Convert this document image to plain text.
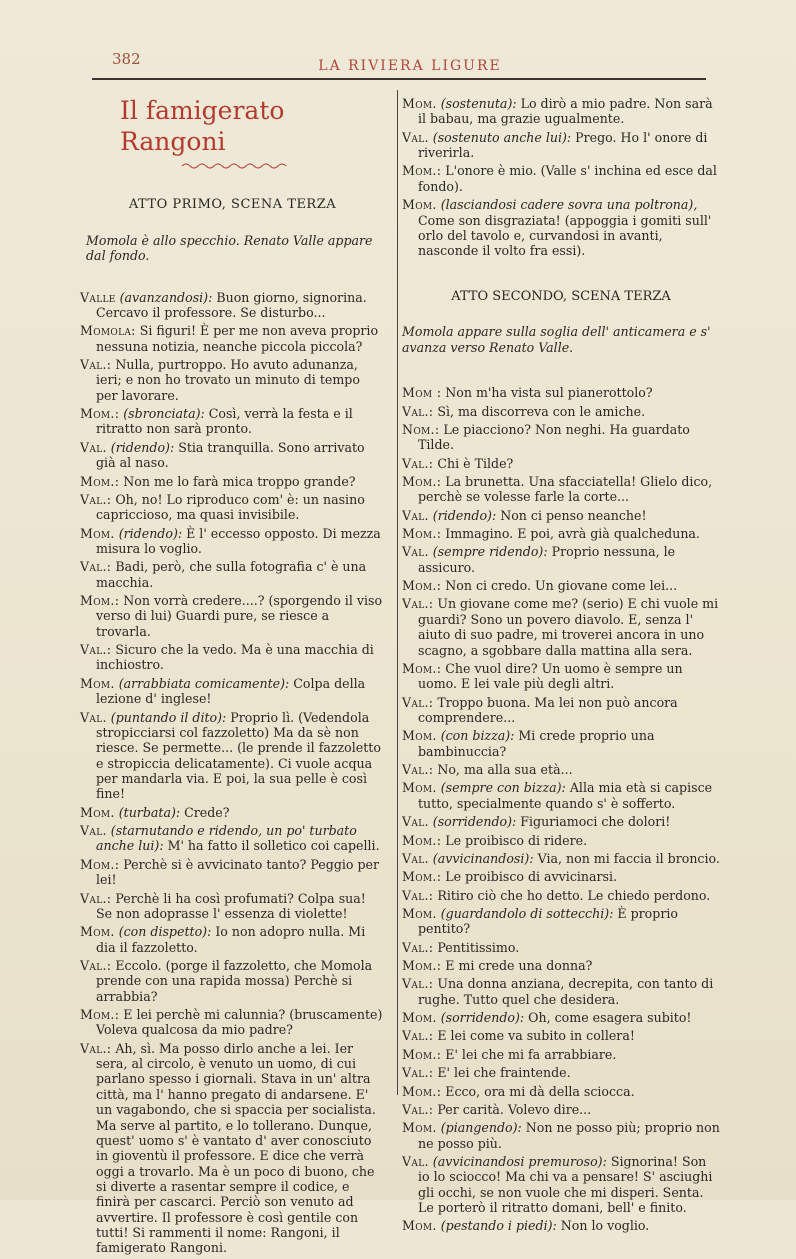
382	LA RIVIERA LIGURE
Il famigerato Rangoni
ATTO PRIMO, SCENA TERZA
Momola è allo specchio. Renato Valle appare dal fondo.
Valle (avanzandosi): Buon giorno, signorina. Cercavo il professore. Se disturbo...
Momola: Si figuri! È per me non aveva proprio nessuna notizia, neanche piccola piccola?
Val.: Nulla, purtroppo. Ho avuto adunanza, ieri; e non ho trovato un minuto di tempo per lavorare.
Mom.: (sbronciata): Così, verrà la festa e il ritratto non sarà pronto.
Val. (ridendo): Stia tranquilla. Sono arrivato già al naso.
Mom.: Non me lo farà mica troppo grande?
Val.: Oh, no! Lo riproduco com' è: un nasino capriccioso, ma quasi invisibile.
Mom. (ridendo): È l' eccesso opposto. Di mezza misura lo voglio.
Val.: Badi, però, che sulla fotografia c' è una macchia.
Mom.: Non vorrà credere....? (sporgendo il viso verso di lui) Guardi pure, se riesce a trovarla.
Val.: Sicuro che la vedo. Ma è una macchia di inchiostro.
Mom. (arrabbiata comicamente): Colpa della lezione d' inglese!
Val. (puntando il dito): Proprio lì. (Vedendola stropicciarsi col fazzoletto) Ma da sè non riesce. Se permette... (le prende il fazzoletto e stropiccia delicatamente). Ci vuole acqua per mandarla via. E poi, la sua pelle è così fine!
Mom. (turbata): Crede?
Val. (starnutando e ridendo, un po' turbato anche lui): M' ha fatto il solletico coi capelli.
Mom.: Perchè si è avvicinato tanto? Peggio per lei!
Val.: Perchè li ha così profumati? Colpa sua! Se non adoprasse l' essenza di violette!
Mom. (con dispetto): Io non adopro nulla. Mi dia il fazzoletto.
Val.: Eccolo. (porge il fazzoletto, che Momola prende con una rapida mossa) Perchè si arrabbia?
Mom.: E lei perchè mi calunnia? (bruscamente) Voleva qualcosa da mio padre?
Val.: Ah, sì. Ma posso dirlo anche a lei. Ier sera, al circolo, è venuto un uomo, di cui parlano spesso i giornali. Stava in un' altra città, ma l' hanno pregato di andarsene. E' un vagabondo, che si spaccia per socialista. Ma serve al partito, e lo tollerano. Dunque, quest' uomo s' è vantato d' aver conosciuto in gioventù il professore. E dice che verrà oggi a trovarlo. Ma è un poco di buono, che si diverte a rasentar sempre il codice, e finirà per cascarci. Perciò son venuto ad avvertire. Il professore è così gentile con tutti! Si rammenti il nome: Rangoni, il famigerato Rangoni.
Mom. (sostenuta): Lo dirò a mio padre. Non sarà il babau, ma grazie ugualmente.
Val. (sostenuto anche lui): Prego. Ho l' onore di riverirla.
Mom.: L'onore è mio. (Valle s' inchina ed esce dal fondo).
Mom. (lasciandosi cadere sovra una poltrona), Come son disgraziata! (appoggia i gomiti sull' orlo del tavolo e, curvandosi in avanti, nasconde il volto fra essi).
ATTO SECONDO, SCENA TERZA
Momola appare sulla soglia dell' anticamera e s' avanza verso Renato Valle.
Mom : Non m'ha vista sul pianerottolo?
Val.: Sì, ma discorreva con le amiche.
Nom.: Le piacciono? Non neghi. Ha guardato Tilde.
Val.: Chi è Tilde?
Mom.: La brunetta. Una sfacciatella! Glielo dico, perchè se volesse farle la corte...
Val. (ridendo): Non ci penso neanche!
Mom.: Immagino. E poi, avrà già qualcheduna.
Val. (sempre ridendo): Proprio nessuna, le assicuro.
Mom.: Non ci credo. Un giovane come lei...
Val.: Un giovane come me? (serio) E chi vuole mi guardi? Sono un povero diavolo. E, senza l' aiuto di suo padre, mi troverei ancora in uno scagno, a sgobbare dalla mattina alla sera.
Mom.: Che vuol dire? Un uomo è sempre un uomo. E lei vale più degli altri.
Val.: Troppo buona. Ma lei non può ancora comprendere...
Mom. (con bizza): Mi crede proprio una bambinuccia?
Val.: No, ma alla sua età...
Mom. (sempre con bizza): Alla mia età si capisce tutto, specialmente quando s' è sofferto.
Val. (sorridendo): Figuriamoci che dolori!
Mom.: Le proibisco di ridere.
Val. (avvicinandosi): Via, non mi faccia il broncio.
Mom.: Le proibisco di avvicinarsi.
Val.: Ritiro ciò che ho detto. Le chiedo perdono.
Mom. (guardandolo di sottecchi): È proprio pentito?
Val.: Pentitissimo.
Mom.: E mi crede una donna?
Val.: Una donna anziana, decrepita, con tanto di rughe. Tutto quel che desidera.
Mom. (sorridendo): Oh, come esagera subito!
Val.: E lei come va subito in collera!
Mom.: E' lei che mi fa arrabbiare.
Val.: E' lei che fraintende.
Mom.: Ecco, ora mi dà della sciocca.
Val.: Per carità. Volevo dire...
Mom. (piangendo): Non ne posso più; proprio non ne posso più.
Val. (avvicinandosi premuroso): Signorina! Son io lo sciocco! Ma chi va a pensare! S' asciughi gli occhi, se non vuole che mi disperi. Senta. Le porterò il ritratto domani, bell' e finito.
Mom. (pestando i piedi): Non lo voglio.
